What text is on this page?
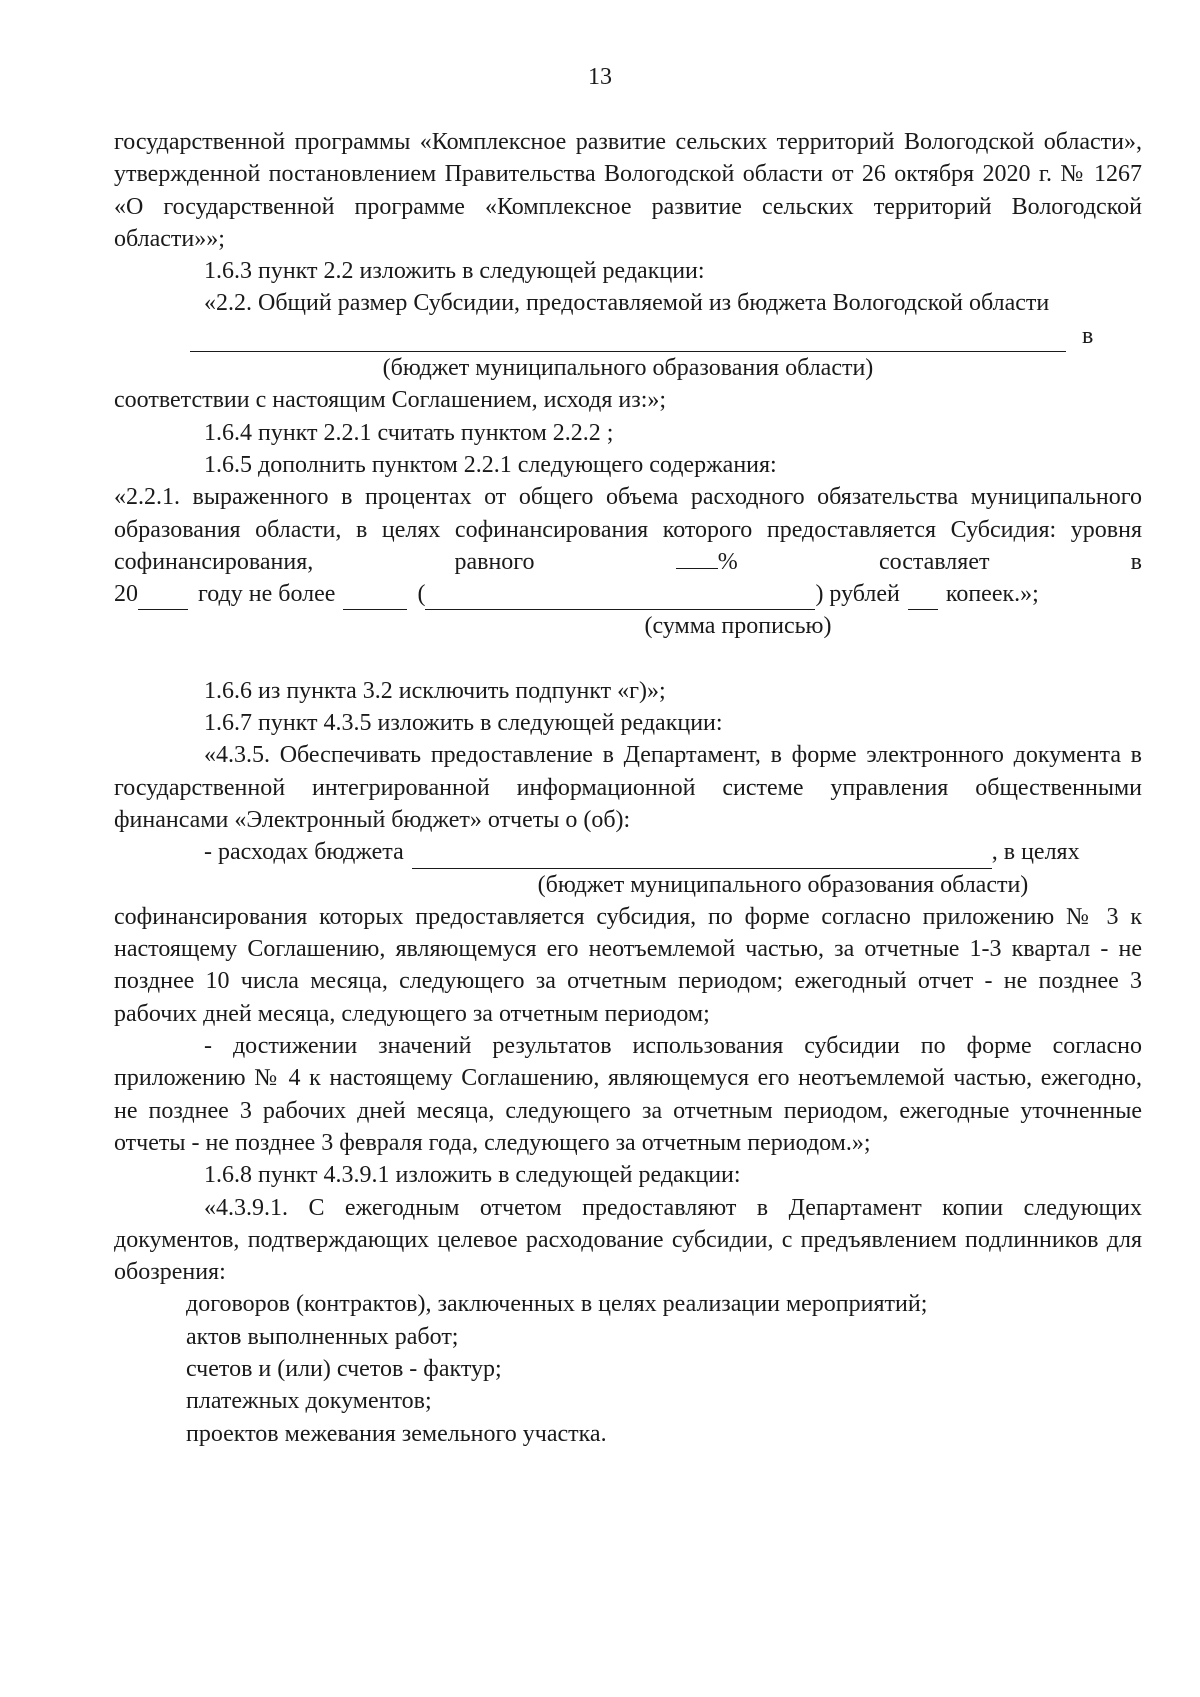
13

государственной программы «Комплексное развитие сельских территорий Вологодской области», утвержденной постановлением Правительства Вологодской области от 26 октября 2020 г. № 1267 «О государственной программе «Комплексное развитие сельских территорий Вологодской области»»;

1.6.3 пункт 2.2 изложить в следующей редакции:

«2.2. Общий размер Субсидии, предоставляемой из бюджета Вологодской области

в

(бюджет муниципального образования области)

соответствии с настоящим Соглашением, исходя из:»;

1.6.4 пункт 2.2.1 считать пунктом 2.2.2 ;

1.6.5 дополнить пунктом 2.2.1 следующего содержания:

«2.2.1. выраженного в процентах от общего объема расходного обязательства муниципального образования области, в целях софинансирования которого предоставляется Субсидия: уровня софинансирования, равного	% составляет в

20	году не более	(	) рублей копеек.»;

(сумма прописью)

1.6.6 из пункта 3.2 исключить подпункт «г)»;

1.6.7 пункт 4.3.5 изложить в следующей редакции:

«4.3.5. Обеспечивать предоставление в Департамент, в форме электронного документа в государственной интегрированной информационной системе управления общественными финансами «Электронный бюджет» отчеты о (об):

- расходах бюджета	, в целях

(бюджет муниципального образования области)

софинансирования которых предоставляется субсидия, по форме согласно приложению № 3 к настоящему Соглашению, являющемуся его неотъемлемой частью, за отчетные 1-3 квартал - не позднее 10 числа месяца, следующего за отчетным периодом; ежегодный отчет - не позднее 3 рабочих дней месяца, следующего за отчетным периодом;

- достижении значений результатов использования субсидии по форме согласно приложению № 4 к настоящему Соглашению, являющемуся его неотъемлемой частью, ежегодно, не позднее 3 рабочих дней месяца, следующего за отчетным периодом, ежегодные уточненные отчеты - не позднее 3 февраля года, следующего за отчетным периодом.»;

1.6.8 пункт 4.3.9.1 изложить в следующей редакции:

«4.3.9.1. С ежегодным отчетом предоставляют в Департамент копии следующих документов, подтверждающих целевое расходование субсидии, с предъявлением подлинников для обозрения:

договоров (контрактов), заключенных в целях реализации мероприятий;

актов выполненных работ;

счетов и (или) счетов - фактур;

платежных документов;

проектов межевания земельного участка.
